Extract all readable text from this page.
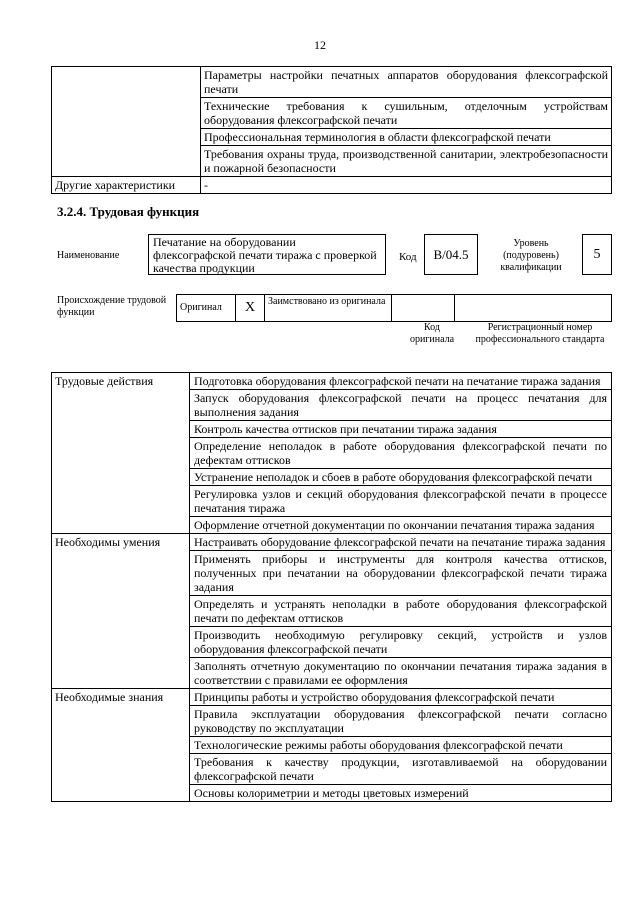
12
	Параметры настройки печатных аппаратов оборудования флексографской печати
	Технические требования к сушильным, отделочным устройствам оборудования флексографской печати
	Профессиональная терминология в области флексографской печати
	Требования охраны труда, производственной санитарии, электробезопасности и пожарной безопасности
Другие характеристики	-
3.2.4. Трудовая функция
Наименование
Печатание на оборудовании флексографской печати тиража с проверкой качества продукции
Код	В/04.5
Уровень (подуровень) квалификации
5
Происхождение трудовой функции	Оригинал	X	Заимствовано из оригинала		
Код оригинала
Регистрационный номер профессионального стандарта
Трудовые действия	Подготовка оборудования флексографской печати на печатание тиража задания
	Запуск оборудования флексографской печати на процесс печатания для выполнения задания
	Контроль качества оттисков при печатании тиража задания
	Определение неполадок в работе оборудования флексографской печати по дефектам оттисков
	Устранение неполадок и сбоев в работе оборудования флексографской печати
	Регулировка узлов и секций оборудования флексографской печати в процессе печатания тиража
	Оформление отчетной документации по окончании печатания тиража задания
Необходимы умения	Настраивать оборудование флексографской печати на печатание тиража задания
	Применять приборы и инструменты для контроля качества оттисков, полученных при печатании на оборудовании флексографской печати тиража задания
	Определять и устранять неполадки в работе оборудования флексографской печати по дефектам оттисков
	Производить необходимую регулировку секций, устройств и узлов оборудования флексографской печати
	Заполнять отчетную документацию по окончании печатания тиража задания в соответствии с правилами ее оформления
Необходимые знания	Принципы работы и устройство оборудования флексографской печати
	Правила эксплуатации оборудования флексографской печати согласно руководству по эксплуатации
	Технологические режимы работы оборудования флексографской печати
	Требования к качеству продукции, изготавливаемой на оборудовании флексографской печати
	Основы колориметрии и методы цветовых измерений
